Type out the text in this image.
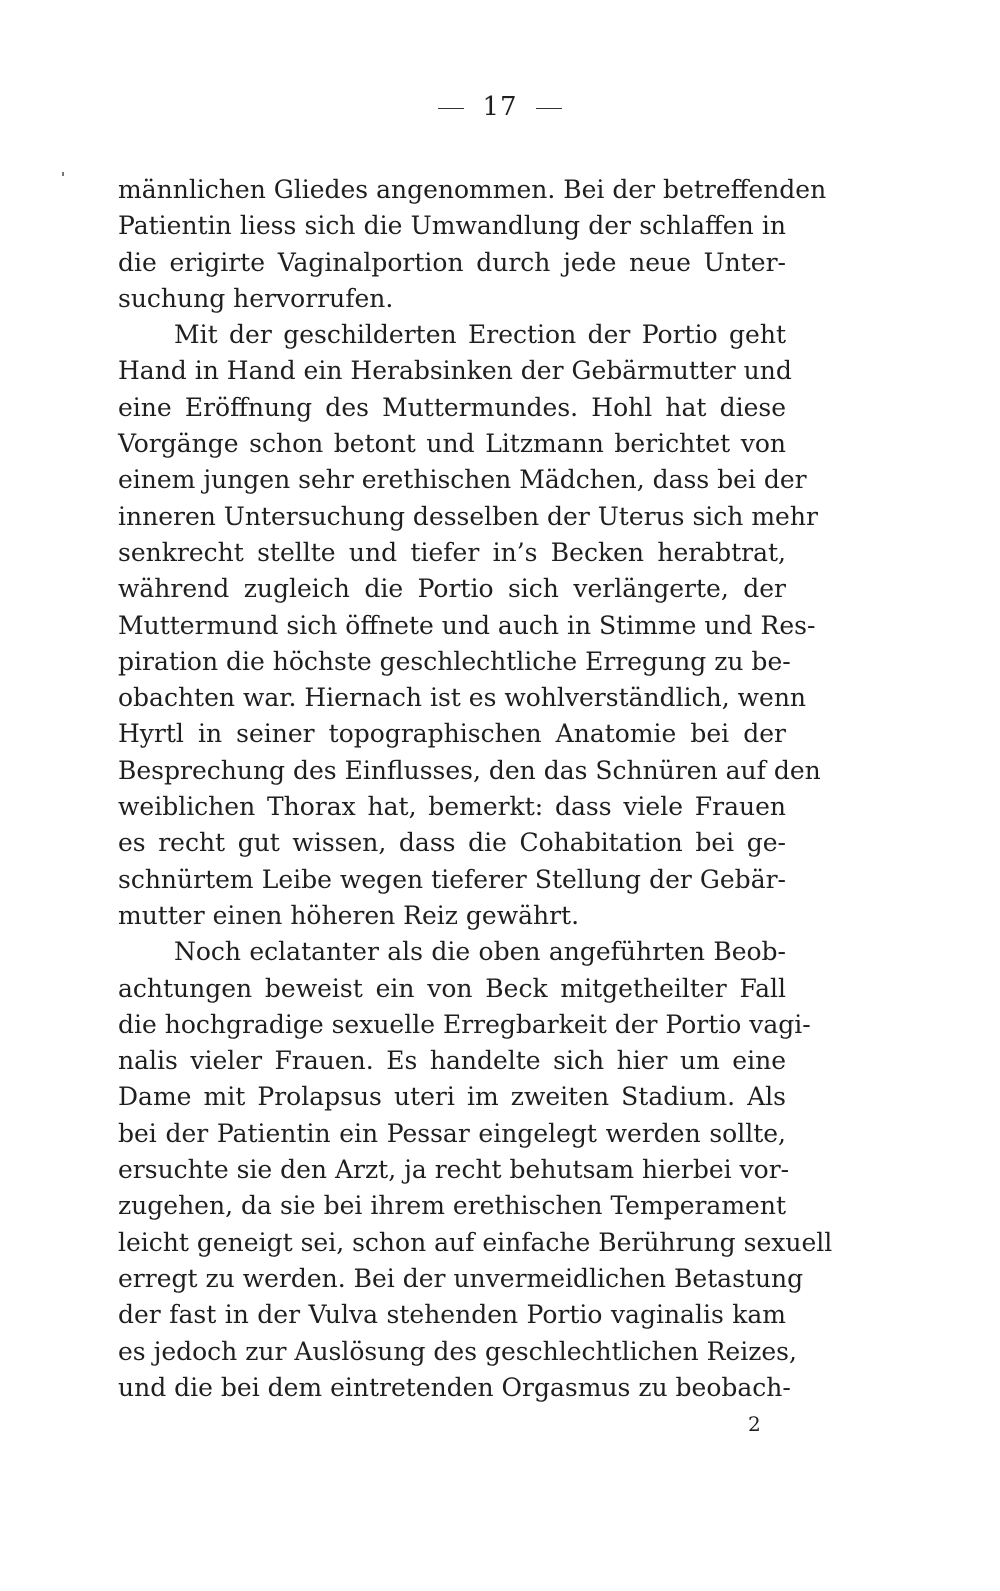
17
männlichen Gliedes angenommen. Bei der betreffenden
Patientin liess sich die Umwandlung der schlaffen in
die erigirte Vaginalportion durch jede neue Unter-
suchung hervorrufen.
Mit der geschilderten Erection der Portio geht
Hand in Hand ein Herabsinken der Gebärmutter und
eine Eröffnung des Muttermundes. Hohl hat diese
Vorgänge schon betont und Litzmann berichtet von
einem jungen sehr erethischen Mädchen, dass bei der
inneren Untersuchung desselben der Uterus sich mehr
senkrecht stellte und tiefer in’s Becken herabtrat,
während zugleich die Portio sich verlängerte, der
Muttermund sich öffnete und auch in Stimme und Res-
piration die höchste geschlechtliche Erregung zu be-
obachten war. Hiernach ist es wohlverständlich, wenn
Hyrtl in seiner topographischen Anatomie bei der
Besprechung des Einflusses, den das Schnüren auf den
weiblichen Thorax hat, bemerkt: dass viele Frauen
es recht gut wissen, dass die Cohabitation bei ge-
schnürtem Leibe wegen tieferer Stellung der Gebär-
mutter einen höheren Reiz gewährt.
Noch eclatanter als die oben angeführten Beob-
achtungen beweist ein von Beck mitgetheilter Fall
die hochgradige sexuelle Erregbarkeit der Portio vagi-
nalis vieler Frauen. Es handelte sich hier um eine
Dame mit Prolapsus uteri im zweiten Stadium. Als
bei der Patientin ein Pessar eingelegt werden sollte,
ersuchte sie den Arzt, ja recht behutsam hierbei vor-
zugehen, da sie bei ihrem erethischen Temperament
leicht geneigt sei, schon auf einfache Berührung sexuell
erregt zu werden. Bei der unvermeidlichen Betastung
der fast in der Vulva stehenden Portio vaginalis kam
es jedoch zur Auslösung des geschlechtlichen Reizes,
und die bei dem eintretenden Orgasmus zu beobach-
2
